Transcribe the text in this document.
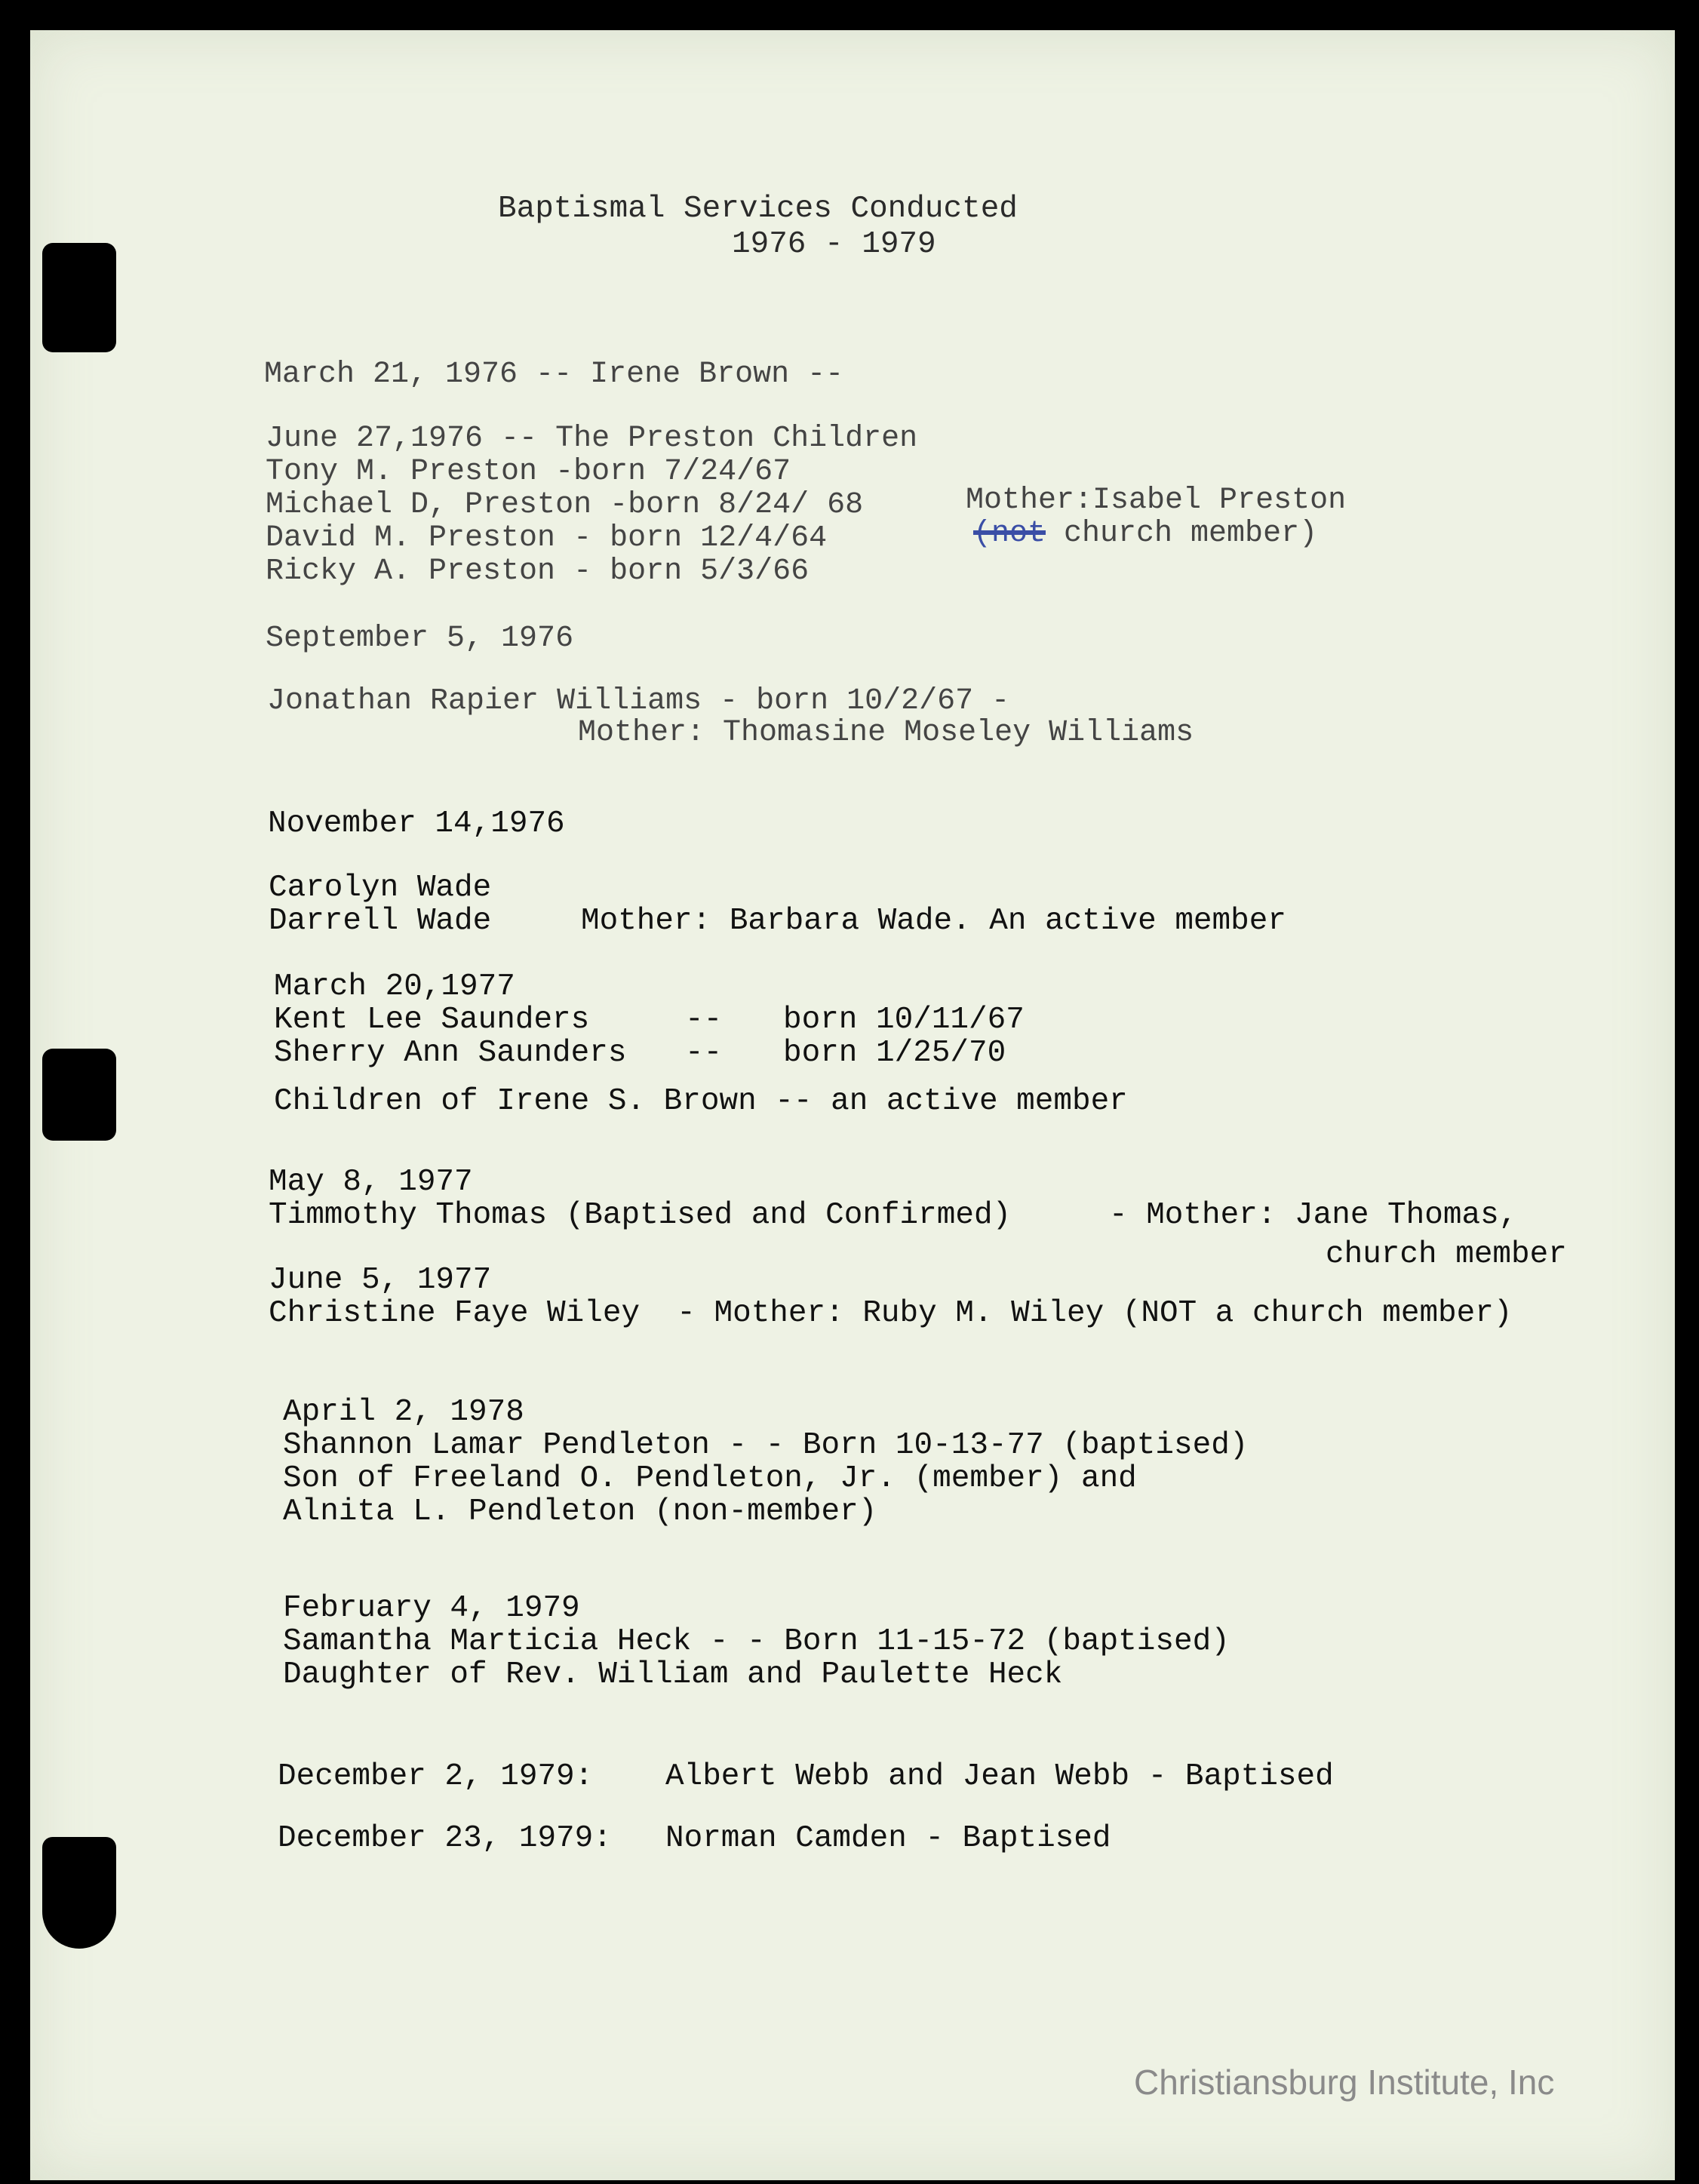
Baptismal Services Conducted
1976 - 1979
March 21, 1976 -- Irene Brown --
June 27,1976 -- The Preston Children
Tony M. Preston -born 7/24/67
Michael D, Preston -born 8/24/ 68
David M. Preston - born 12/4/64
Ricky A. Preston - born 5/3/66
Mother:Isabel Preston
(not church member)
September 5, 1976
Jonathan Rapier Williams - born 10/2/67 -
Mother: Thomasine Moseley Williams
November 14,1976
Carolyn Wade
Darrell Wade	Mother: Barbara Wade. An active member
March 20,1977
Kent Lee Saunders	-- born 10/11/67
Sherry Ann Saunders -- born 1/25/70
Children of Irene S. Brown -- an active member
May 8, 1977
Timmothy Thomas (Baptised and Confirmed)	- Mother: Jane Thomas,
church member
June 5, 1977
Christine Faye Wiley  - Mother: Ruby M. Wiley (NOT a church member)
April 2, 1978
Shannon Lamar Pendleton - - Born 10-13-77 (baptised)
Son of Freeland O. Pendleton, Jr. (member) and
Alnita L. Pendleton (non-member)
February 4, 1979
Samantha Marticia Heck - - Born 11-15-72 (baptised)
Daughter of Rev. William and Paulette Heck
December 2, 1979: Albert Webb and Jean Webb - Baptised
December 23, 1979: Norman Camden - Baptised
Christiansburg Institute, Inc
